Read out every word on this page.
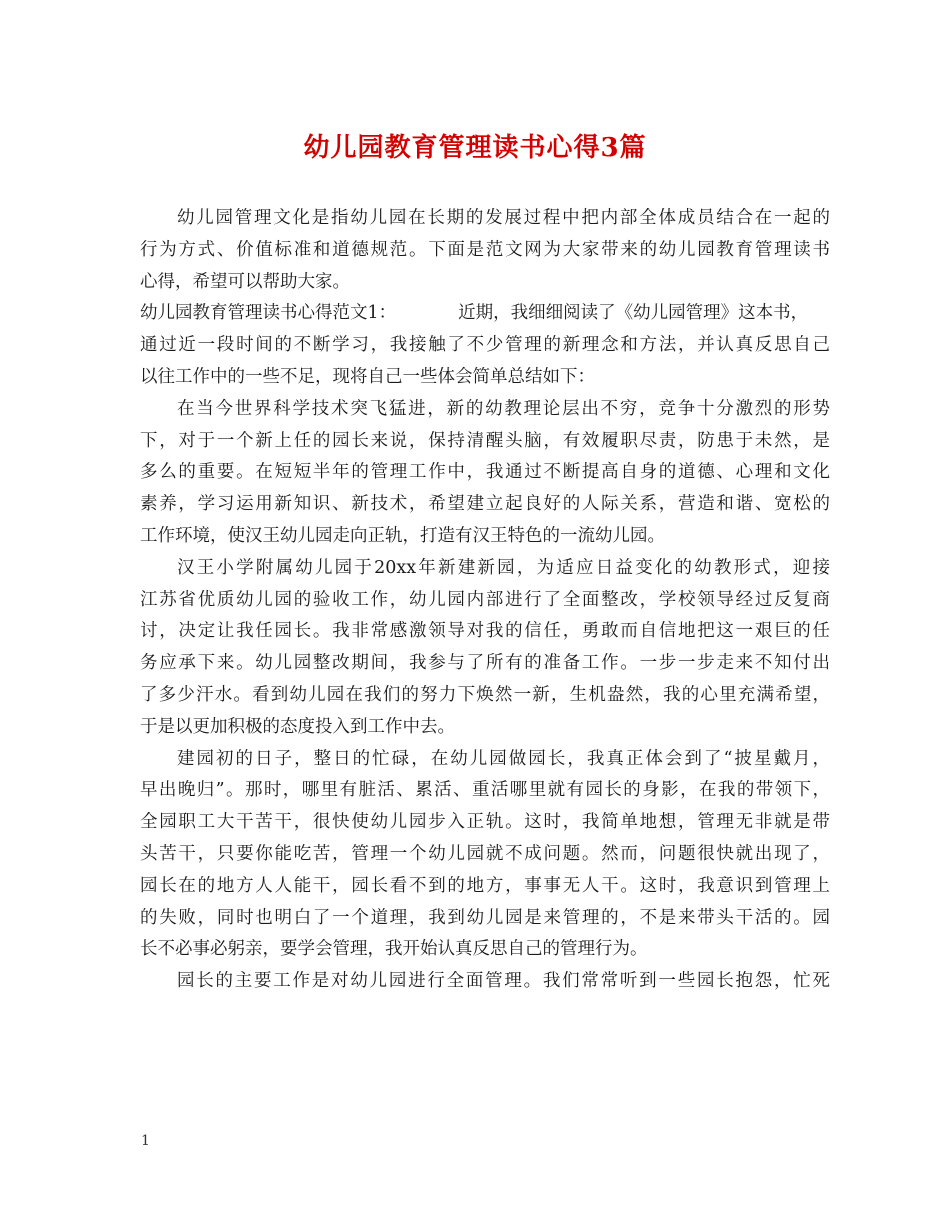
幼儿园教育管理读书心得3篇
幼儿园管理文化是指幼儿园在长期的发展过程中把内部全体成员结合在一起的
行为方式、价值标准和道德规范。下面是范文网为大家带来的幼儿园教育管理读书
心得，希望可以帮助大家。
幼儿园教育管理读书心得范文1：	近期，我细细阅读了《幼儿园管理》这本书，
通过近一段时间的不断学习，我接触了不少管理的新理念和方法，并认真反思自己
以往工作中的一些不足，现将自己一些体会简单总结如下：
在当今世界科学技术突飞猛进，新的幼教理论层出不穷，竞争十分激烈的形势
下，对于一个新上任的园长来说，保持清醒头脑，有效履职尽责，防患于未然，是
多么的重要。在短短半年的管理工作中，我通过不断提高自身的道德、心理和文化
素养，学习运用新知识、新技术，希望建立起良好的人际关系，营造和谐、宽松的
工作环境，使汉王幼儿园走向正轨，打造有汉王特色的一流幼儿园。
汉王小学附属幼儿园于20xx年新建新园，为适应日益变化的幼教形式，迎接
江苏省优质幼儿园的验收工作，幼儿园内部进行了全面整改，学校领导经过反复商
讨，决定让我任园长。我非常感激领导对我的信任，勇敢而自信地把这一艰巨的任
务应承下来。幼儿园整改期间，我参与了所有的准备工作。一步一步走来不知付出
了多少汗水。看到幼儿园在我们的努力下焕然一新，生机盎然，我的心里充满希望，
于是以更加积极的态度投入到工作中去。
建园初的日子，整日的忙碌，在幼儿园做园长，我真正体会到了“披星戴月，
早出晚归”。那时，哪里有脏活、累活、重活哪里就有园长的身影，在我的带领下，
全园职工大干苦干，很快使幼儿园步入正轨。这时，我简单地想，管理无非就是带
头苦干，只要你能吃苦，管理一个幼儿园就不成问题。然而，问题很快就出现了，
园长在的地方人人能干，园长看不到的地方，事事无人干。这时，我意识到管理上
的失败，同时也明白了一个道理，我到幼儿园是来管理的，不是来带头干活的。园
长不必事必躬亲，要学会管理，我开始认真反思自己的管理行为。
园长的主要工作是对幼儿园进行全面管理。我们常常听到一些园长抱怨，忙死
1
